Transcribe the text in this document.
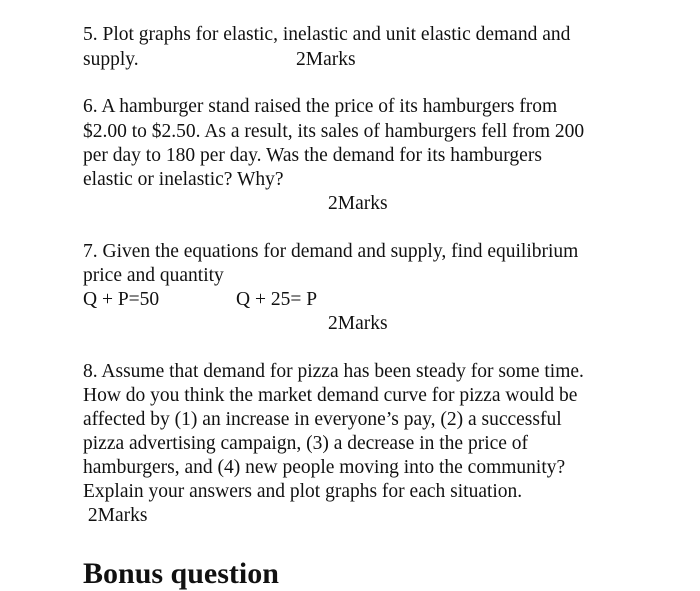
5. Plot graphs for elastic, inelastic and unit elastic demand and
supply.	2Marks
6. A hamburger stand raised the price of its hamburgers from
$2.00 to $2.50. As a result, its sales of hamburgers fell from 200
per day to 180 per day. Was the demand for its hamburgers
elastic or inelastic? Why?
2Marks
7. Given the equations for demand and supply, find equilibrium
price and quantity
Q + P=50	Q + 25= P
2Marks
8. Assume that demand for pizza has been steady for some time.
How do you think the market demand curve for pizza would be
affected by (1) an increase in everyone’s pay, (2) a successful
pizza advertising campaign, (3) a decrease in the price of
hamburgers, and (4) new people moving into the community?
Explain your answers and plot graphs for each situation.
2Marks
Bonus question
